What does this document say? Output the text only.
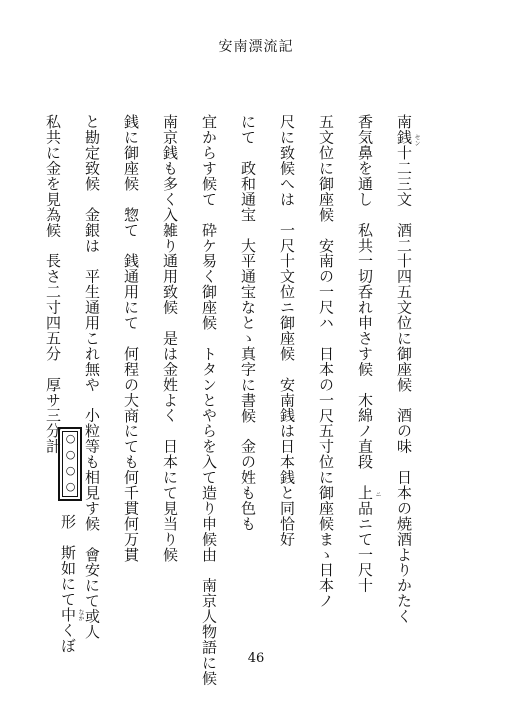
安南漂流記
南銭十二三文　酒二十四五文位に御座候　酒の味　日本の焼酒よりかたく セン
香気鼻を通し　私共一切呑れ申さす候　木綿ノ直段　上品ニて一尺十 ニ
五文位に御座候　安南の一尺ハ　日本の一尺五寸位に御座候まゝ日本ノ
尺に致候へは　一尺十文位ニ御座候　安南銭は日本銭と同恰好
にて　政和通宝　大平通宝なとゝ真字に書候　金の姓も色も
宜からす候て　砕ケ易く御座候　トタンとやらを入て造り申候由　南京人物語に候
南京銭も多く入雑り通用致候　是は金姓よく　日本にて見当り候
銭に御座候　惣て　銭通用にて　何程の大商にても何千貫何万貫
と勘定致候　金銀は　平生通用これ無や　小粒等も相見す候　會安にて或人
私共に金を見為候　長さ二寸四五分　厚サ三分計
○○○○
形　斯如にて中くぼ なか
46
